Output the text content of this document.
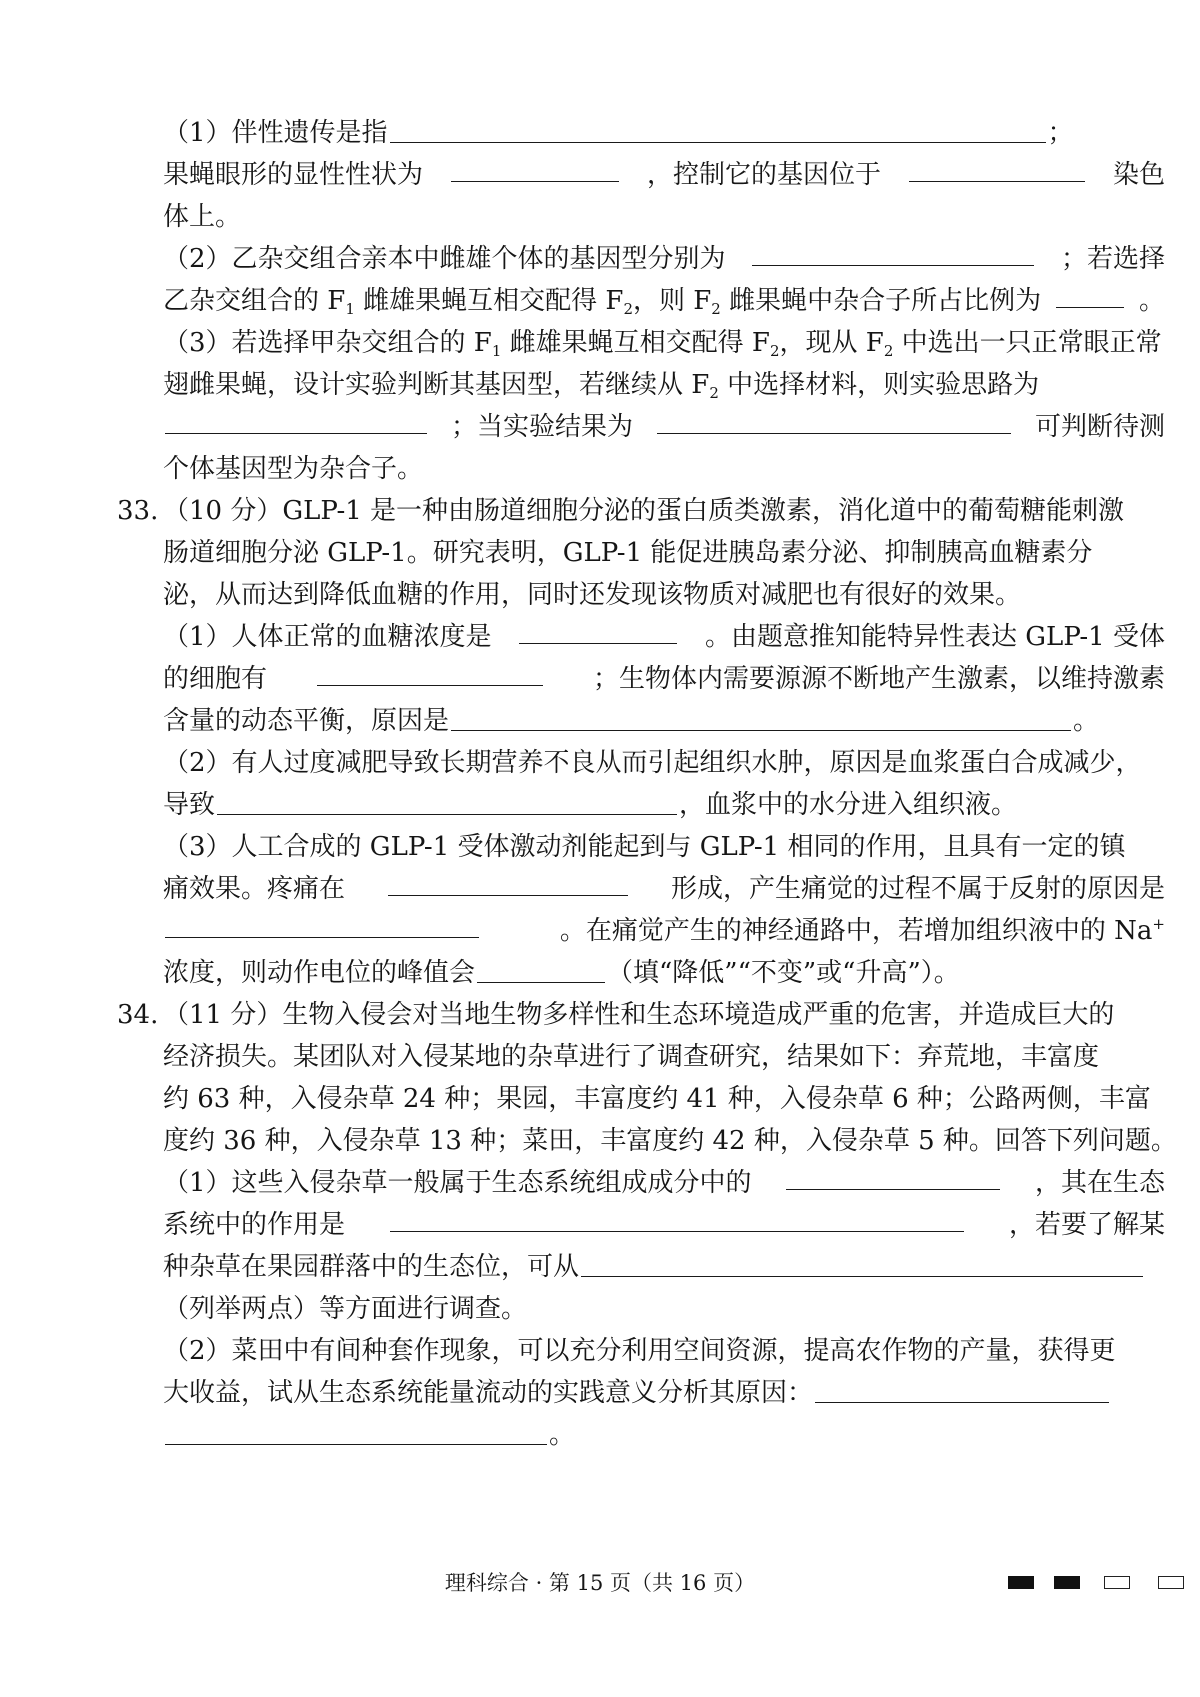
（1）伴性遗传是指	；
果蝇眼形的显性性状为	，控制它的基因位于	染色
体上。
（2）乙杂交组合亲本中雌雄个体的基因型分别为	；若选择
乙杂交组合的 $F_1$ 雌雄果蝇互相交配得 $F_2$，则 $F_2$ 雌果蝇中杂合子所占比例为	。
（3）若选择甲杂交组合的 $F_1$ 雌雄果蝇互相交配得 $F_2$，现从 $F_2$ 中选出一只正常眼正常
翅雌果蝇，设计实验判断其基因型，若继续从 $F_2$ 中选择材料，则实验思路为
；当实验结果为	可判断待测
个体基因型为杂合子。
33. （10 分）GLP-1 是一种由肠道细胞分泌的蛋白质类激素，消化道中的葡萄糖能刺激
肠道细胞分泌 GLP-1。研究表明，GLP-1 能促进胰岛素分泌、抑制胰高血糖素分
泌，从而达到降低血糖的作用，同时还发现该物质对减肥也有很好的效果。
（1）人体正常的血糖浓度是	。由题意推知能特异性表达 GLP-1 受体
的细胞有	；生物体内需要源源不断地产生激素，以维持激素
含量的动态平衡，原因是	。
（2）有人过度减肥导致长期营养不良从而引起组织水肿，原因是血浆蛋白合成减少，
导致	，血浆中的水分进入组织液。
（3）人工合成的 GLP-1 受体激动剂能起到与 GLP-1 相同的作用，且具有一定的镇
痛效果。疼痛在	形成，产生痛觉的过程不属于反射的原因是
。在痛觉产生的神经通路中，若增加组织液中的 Na+
浓度，则动作电位的峰值会	（填“降低”“不变”或“升高”）。
34. （11 分）生物入侵会对当地生物多样性和生态环境造成严重的危害，并造成巨大的
经济损失。某团队对入侵某地的杂草进行了调查研究，结果如下：弃荒地，丰富度
约 63 种，入侵杂草 24 种；果园，丰富度约 41 种，入侵杂草 6 种；公路两侧，丰富
度约 36 种，入侵杂草 13 种；菜田，丰富度约 42 种，入侵杂草 5 种。回答下列问题。
（1）这些入侵杂草一般属于生态系统组成成分中的	，其在生态
系统中的作用是	，若要了解某
种杂草在果园群落中的生态位，可从
（列举两点）等方面进行调查。
（2）菜田中有间种套作现象，可以充分利用空间资源，提高农作物的产量，获得更
大收益，试从生态系统能量流动的实践意义分析其原因：
。
理科综合 · 第 15 页（共 16 页）
